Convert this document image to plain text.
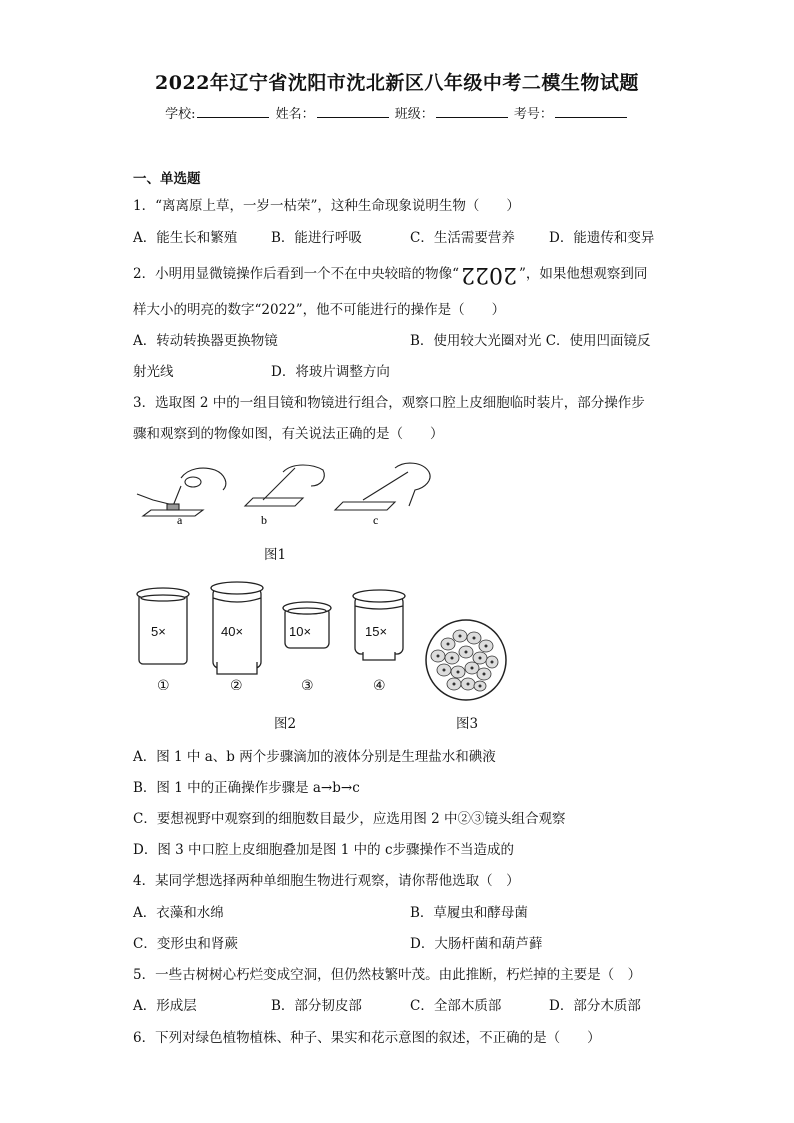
2022年辽宁省沈阳市沈北新区八年级中考二模生物试题
学校:	姓名：	班级：	考号：
一、单选题
1．“离离原上草，一岁一枯荣”，这种生命现象说明生物（　　）
A．能生长和繁殖	B．能进行呼吸	C．生活需要营养	D．能遗传和变异
2．小明用显微镜操作后看到一个不在中央较暗的物像“2022 ”，如果他想观察到同
样大小的明亮的数字“2022”，他不可能进行的操作是（　　）
A．转动转换器更换物镜	B．使用较大光圈对光 C．使用凹面镜反
射光线	D．将玻片调整方向
3．选取图 2 中的一组目镜和物镜进行组合，观察口腔上皮细胞临时装片，部分操作步
骤和观察到的物像如图，有关说法正确的是（　　）
a	b	c
图1
5×	40×	10×	15×
①	②	③	④
图2	图3
A．图 1 中 a、b 两个步骤滴加的液体分别是生理盐水和碘液
B．图 1 中的正确操作步骤是 a→b→c
C．要想视野中观察到的细胞数目最少，应选用图 2 中②③镜头组合观察
D．图 3 中口腔上皮细胞叠加是图 1 中的 c步骤操作不当造成的
4．某同学想选择两种单细胞生物进行观察，请你帮他选取（　）
A．衣藻和水绵	B．草履虫和酵母菌
C．变形虫和肾蕨	D．大肠杆菌和葫芦藓
5．一些古树树心朽烂变成空洞，但仍然枝繁叶茂。由此推断，朽烂掉的主要是（　）
A．形成层	B．部分韧皮部	C．全部木质部	D．部分木质部
6．下列对绿色植物植株、种子、果实和花示意图的叙述，不正确的是（　　）
